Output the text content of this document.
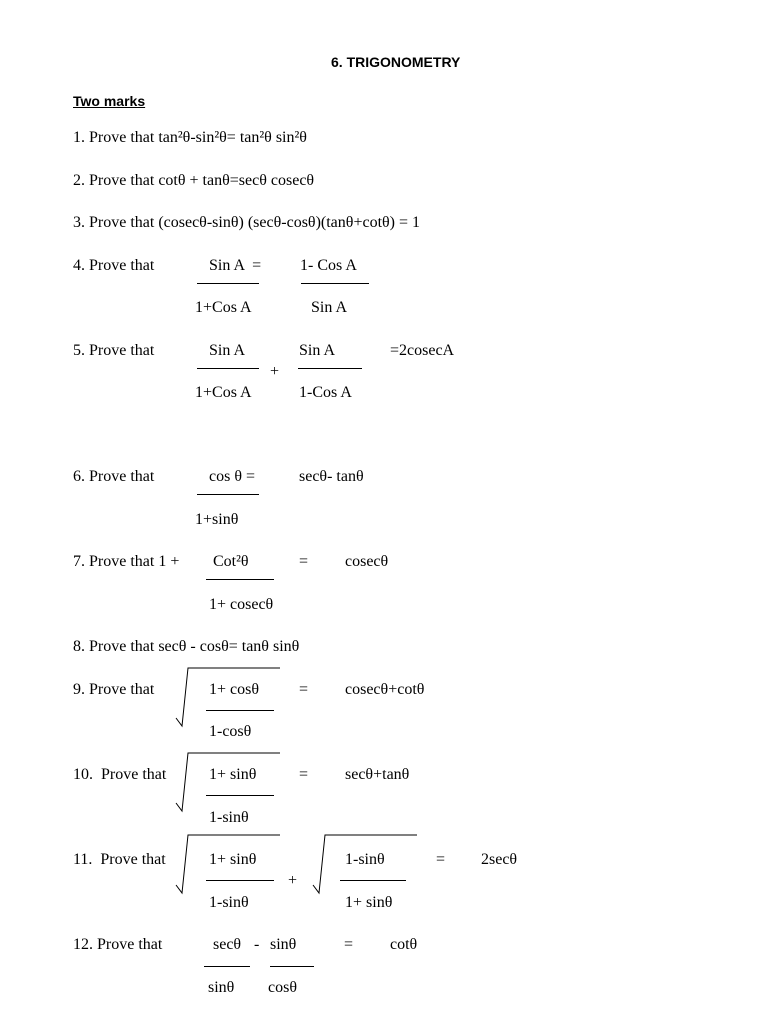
6. TRIGONOMETRY
Two marks
1. Prove that tan²θ-sin²θ= tan²θ sin²θ
2. Prove that cotθ + tanθ=secθ cosecθ
3. Prove that (cosecθ-sinθ) (secθ-cosθ)(tanθ+cotθ) = 1
4. Prove that	Sin A  =
1+Cos A
1- Cos A
Sin A
5. Prove that	Sin A
1+Cos A
+
Sin A
1-Cos A
=2cosecA
6. Prove that	cos θ =
1+sinθ
secθ- tanθ
7. Prove that 1 + Cot²θ
1+ cosecθ
= cosecθ
8. Prove that secθ - cosθ= tanθ sinθ
9. Prove that	1+ cosθ
1-cosθ
= cosecθ+cotθ
10.  Prove that	1+ sinθ
1-sinθ
= secθ+tanθ
11.  Prove that	1+ sinθ
1-sinθ
+
1-sinθ
1+ sinθ
= 2secθ
12. Prove that	secθ -
sinθ
sinθ
cosθ
= cotθ
